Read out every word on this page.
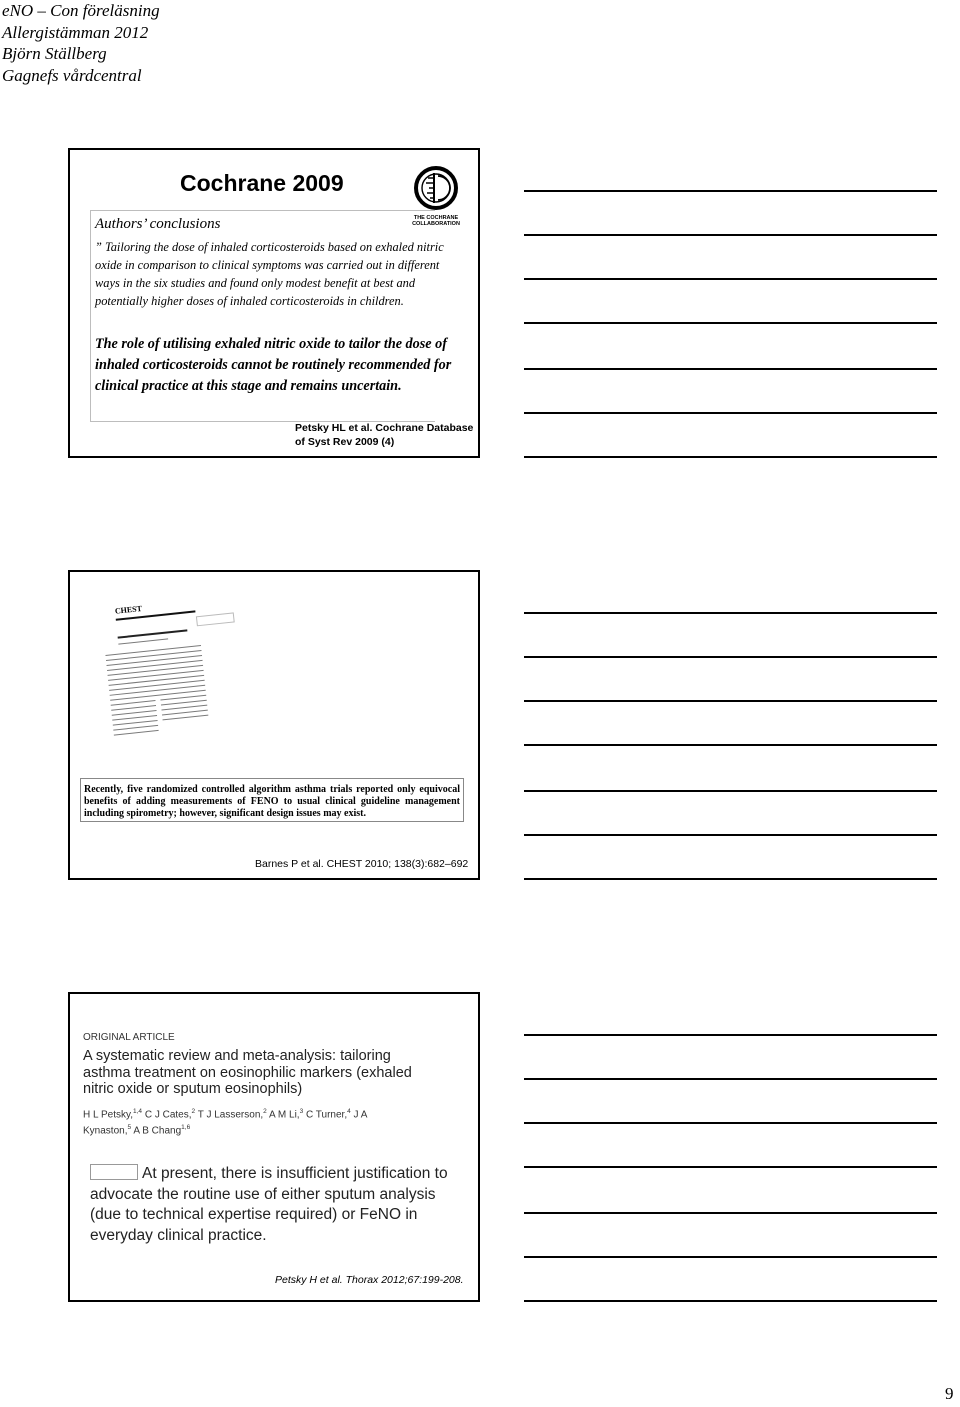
eNO – Con föreläsning
Allergistämman 2012
Björn Ställberg
Gagnefs vårdcentral
Cochrane 2009
THE COCHRANE
COLLABORATION
Authors’ conclusions
” Tailoring the dose of inhaled corticosteroids based on exhaled nitric oxide in comparison to clinical symptoms was carried out in different ways in the six studies and found only modest benefit at best and potentially higher doses of inhaled corticosteroids in children.
The role of utilising exhaled nitric oxide to tailor the dose of inhaled corticosteroids cannot be routinely recommended for clinical practice at this stage and remains uncertain.
Petsky HL et al. Cochrane Database
of Syst Rev 2009 (4)
CHEST
Recently, five randomized controlled algorithm asthma trials reported only equivocal benefits of adding measurements of FENO to usual clinical guideline management including spirometry; however, significant design issues may exist.
Barnes P et al. CHEST 2010; 138(3):682–692
ORIGINAL ARTICLE
A systematic review and meta-analysis: tailoring asthma treatment on eosinophilic markers (exhaled nitric oxide or sputum eosinophils)
H L Petsky,$^{1,4}$ C J Cates,$^2$ T J Lasserson,$^2$ A M Li,$^3$ C Turner,$^4$ J A Kynaston,$^5$ A B Chang$^{1,6}$
At present, there is insufficient justification to advocate the routine use of either sputum analysis (due to technical expertise required) or FeNO in everyday clinical practice.
Petsky H et al. Thorax 2012;67:199-208.
9
